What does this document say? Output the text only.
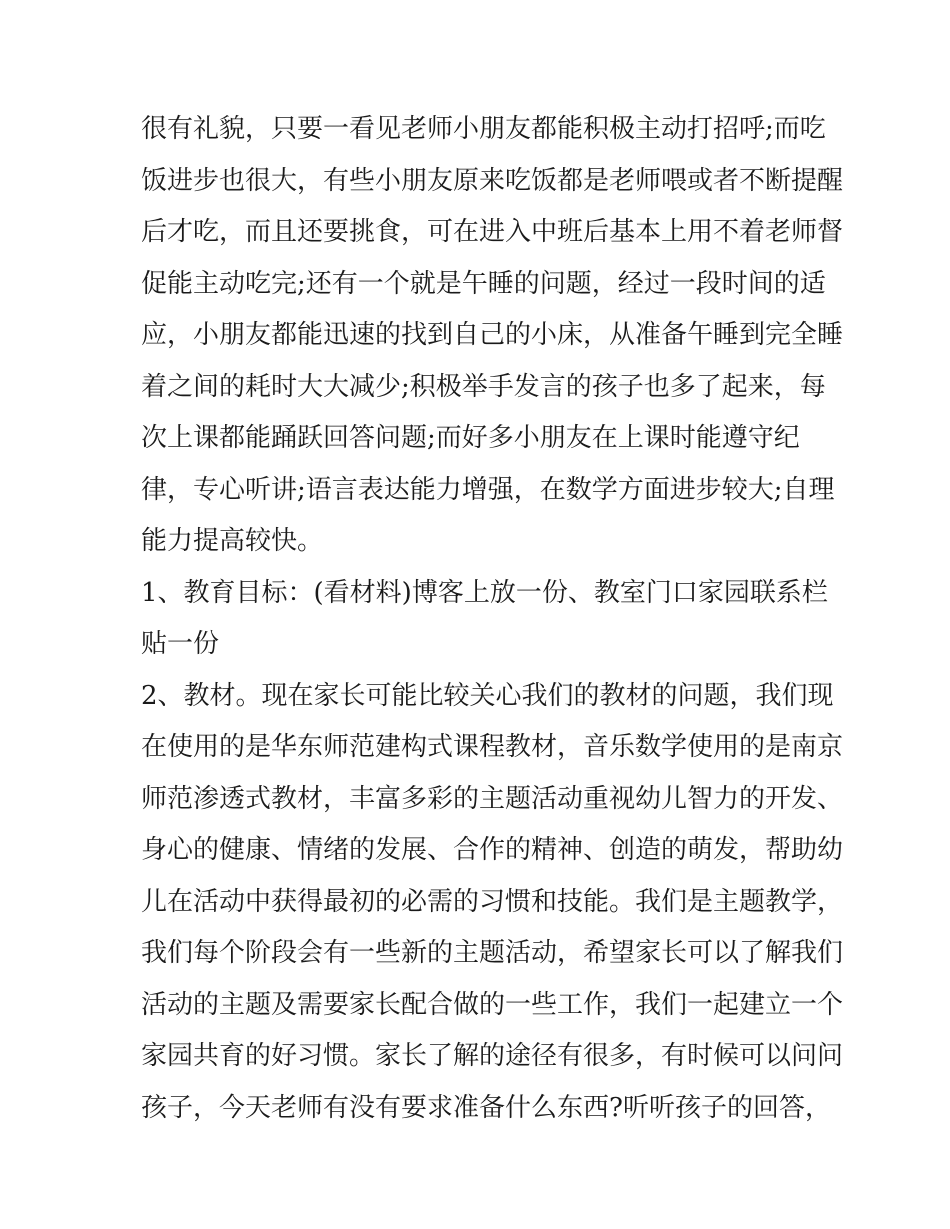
很有礼貌，只要一看见老师小朋友都能积极主动打招呼;而吃
饭进步也很大，有些小朋友原来吃饭都是老师喂或者不断提醒
后才吃，而且还要挑食，可在进入中班后基本上用不着老师督
促能主动吃完;还有一个就是午睡的问题，经过一段时间的适
应，小朋友都能迅速的找到自己的小床，从准备午睡到完全睡
着之间的耗时大大减少;积极举手发言的孩子也多了起来，每
次上课都能踊跃回答问题;而好多小朋友在上课时能遵守纪
律，专心听讲;语言表达能力增强，在数学方面进步较大;自理
能力提高较快。
1、教育目标：(看材料)博客上放一份、教室门口家园联系栏
贴一份
2、教材。现在家长可能比较关心我们的教材的问题，我们现
在使用的是华东师范建构式课程教材，音乐数学使用的是南京
师范渗透式教材，丰富多彩的主题活动重视幼儿智力的开发、
身心的健康、情绪的发展、合作的精神、创造的萌发，帮助幼
儿在活动中获得最初的必需的习惯和技能。我们是主题教学，
我们每个阶段会有一些新的主题活动，希望家长可以了解我们
活动的主题及需要家长配合做的一些工作，我们一起建立一个
家园共育的好习惯。家长了解的途径有很多，有时候可以问问
孩子，今天老师有没有要求准备什么东西?听听孩子的回答，
